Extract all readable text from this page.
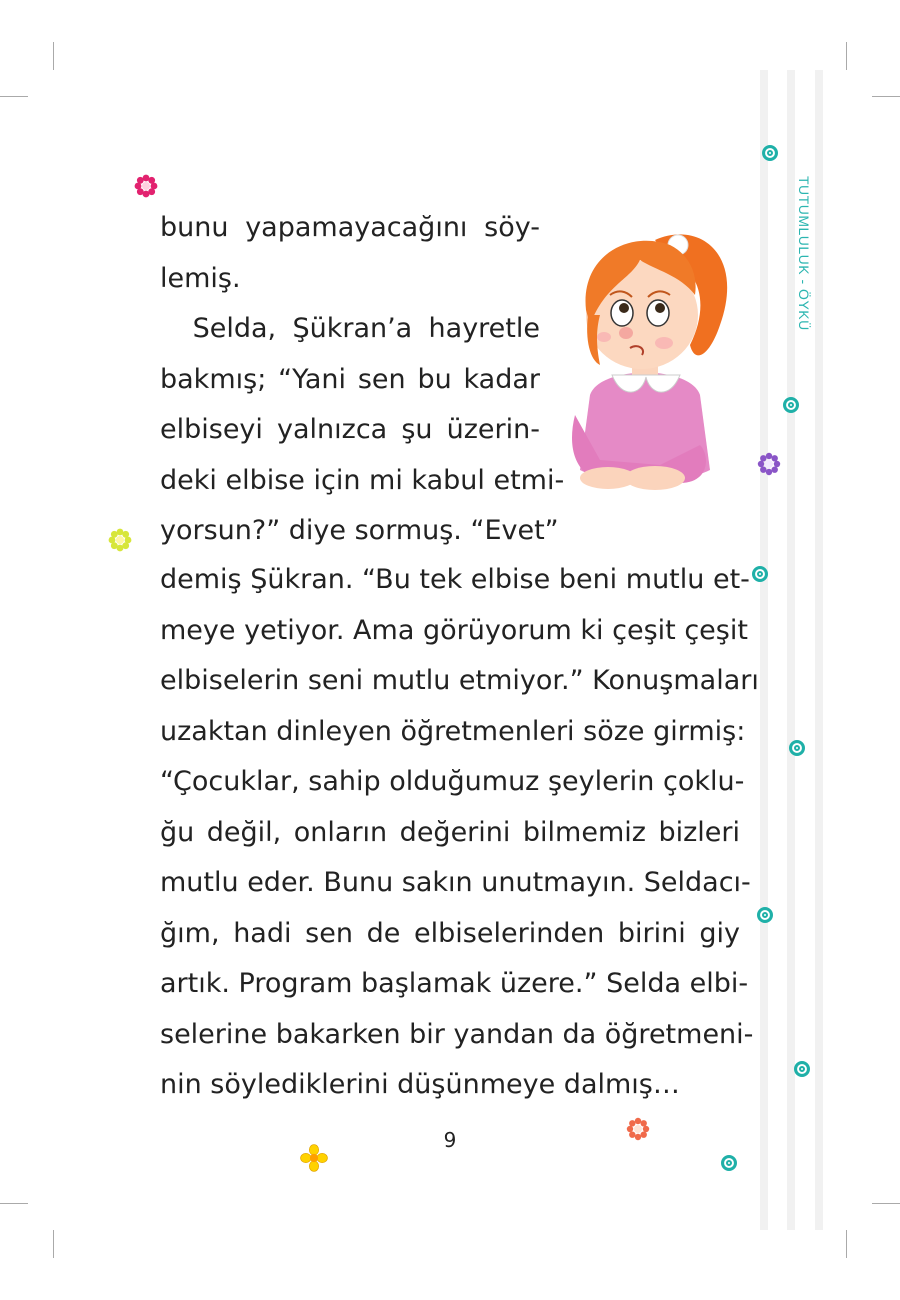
TUTUMLULUK - ÖYKÜ
bunu yapamayacağını söy-
lemiş.
Selda, Şükran’a hayretle
bakmış; “Yani sen bu kadar
elbiseyi yalnızca şu üzerin-
deki elbise için mi kabul etmi-
yorsun?” diye sormuş. “Evet”
demiş Şükran. “Bu tek elbise beni mutlu et-
meye yetiyor. Ama görüyorum ki çeşit çeşit
elbiselerin seni mutlu etmiyor.” Konuşmaları
uzaktan dinleyen öğretmenleri söze girmiş:
“Çocuklar, sahip olduğumuz şeylerin çoklu-
ğu değil, onların değerini bilmemiz bizleri
mutlu eder. Bunu sakın unutmayın. Seldacı-
ğım, hadi sen de elbiselerinden birini giy
artık. Program başlamak üzere.” Selda elbi-
selerine bakarken bir yandan da öğretmeni-
nin söylediklerini düşünmeye dalmış…
9
